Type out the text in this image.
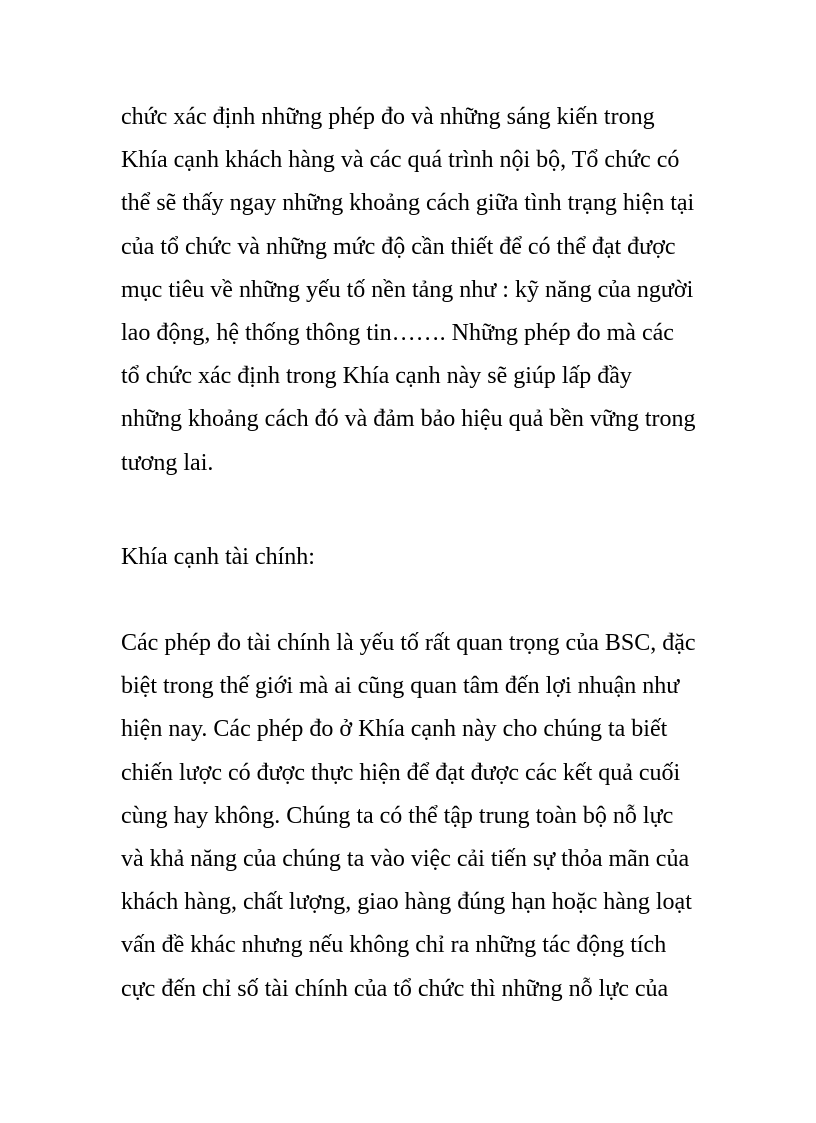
chức xác định những phép đo và những sáng kiến trong
Khía cạnh khách hàng và các quá trình nội bộ, Tổ chức có
thể sẽ thấy ngay những khoảng cách giữa tình trạng hiện tại
của tổ chức và những mức độ cần thiết để có thể đạt được
mục tiêu về những yếu tố nền tảng như : kỹ năng của người
lao động, hệ thống thông tin……. Những phép đo mà các
tổ chức xác định trong Khía cạnh này sẽ giúp lấp đầy
những khoảng cách đó và đảm bảo hiệu quả bền vững trong
tương lai.
Khía cạnh tài chính:
Các phép đo tài chính là yếu tố rất quan trọng của BSC, đặc
biệt trong thế giới mà ai cũng quan tâm đến lợi nhuận như
hiện nay. Các phép đo ở Khía cạnh này cho chúng ta biết
chiến lược có được thực hiện để đạt được các kết quả cuối
cùng hay không. Chúng ta có thể tập trung toàn bộ nỗ lực
và khả năng của chúng ta vào việc cải tiến sự thỏa mãn của
khách hàng, chất lượng, giao hàng đúng hạn hoặc hàng loạt
vấn đề khác nhưng nếu không chỉ ra những tác động tích
cực đến chỉ số tài chính của tổ chức thì những nỗ lực của
